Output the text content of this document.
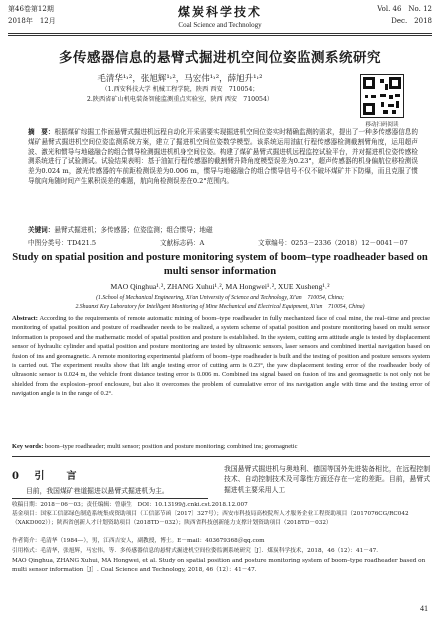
第46卷第12期
2018年　12月
煤炭科学技术
Coal Science and Technology
Vol. 46　No. 12
Dec.　2018
多传感器信息的悬臂式掘进机空间位姿监测系统研究
毛清华¹˒²，张旭辉¹˒²，马宏伟¹˒²，薛旭升¹˒²
（1.西安科技大学 机械工程学院，陕西 西安　710054；
2.陕西省矿山机电装备智能监测重点实验室，陕西 西安　710054）
移动扫码阅读
摘　要：根据煤矿综掘工作面悬臂式掘进机远程自动化开采需要实现掘进机空间位姿实时精确监测的需求，提出了一种多传感器信息的煤矿悬臂式掘进机空间位姿监测系统方案，建立了掘进机空间位姿数学模型。该系统运用油缸行程传感器检测截割臂角度，运用超声波、激光和惯导与地磁融合的组合惯导检测掘进机机身空间位姿。构建了煤矿悬臂式掘进机远程监控试验平台，并对掘进机位姿传感检测系统进行了试验测试。试验结果表明：基于油缸行程传感器的截割臂升降角度模型误差为0.23°，超声传感器的机身偏航位移检测误差为0.024 m，激光传感器的车前距检测误差为0.006 m，惯导与地磁融合的组合惯导信号不仅不破坏煤矿井下防爆，而且克服了惯导航向角随时间产生累积误差的难题，航向角检测误差在0.2°范围内。
关键词：悬臂式掘进机；多传感器；位姿监测；组合惯导；地磁
中图分类号：TD421.5	文献标志码：A	文章编号：0253－2336（2018）12－0041－07
Study on spatial position and posture monitoring system of boom–type roadheader based on multi sensor information
MAO Qinghua¹˒², ZHANG Xuhui¹˒², MA Hongwei¹˒², XUE Xusheng¹˒²
(1.School of Mechanical Engineering, Xi'an University of Science and Technology, Xi'an　710054, China;
2.Shaanxi Key Laboratory for Intelligent Monitoring of Mine Mechanical and Electrical Equipment, Xi'an　710054, China)
Abstract: According to the requirements of remote automatic mining of boom–type roadheader in fully mechanized face of coal mine, the real–time and precise monitoring of spatial position and posture of roadheader needs to be realized, a system scheme of spatial position and posture monitoring based on multi sensor information is proposed and the mathematic model of spatial position and posture is established. In the system, cutting arm attitude angle is tested by displacement sensor of hydraulic cylinder and spatial position and posture monitoring are tested by ultrasonic sensors, laser sensors and combined inertial navigation based on fusion of ins and geomagnetic. A remote monitoring experimental platform of boom–type roadheader is built and the testing of position and posture sensors system is carried out. The experiment results show that lift angle testing error of cutting arm is 0.23°, the yaw displacement testing error of the roadheader body of ultrasonic sensor is 0.024 m, the vehicle front distance testing error is 0.006 m. Combined ins signal based on fusion of ins and geomagnetic is not only not be shielded from the explosion–proof enclosure, but also it overcomes the problem of cumulative error of ins navigation angle with time and the testing error of navigation angle is in the range of 0.2°.
Key words: boom–type roadheader; multi sensor; position and posture monitoring; combined ins; geomagnetic
0 引　言
目前，我国煤矿巷道掘进以悬臂式掘进机为主。
我国悬臂式掘进机与奥地利、德国等国外先进装备相比，在远程控制技术、自动控制技术及可靠性方面还存在一定的差距。目前，悬臂式掘进机主要采用人工
收稿日期：2018－06－03；责任编辑：曾康生　DOI：10.13199/j.cnki.cst.2018.12.007
基金项目：国家工信部绿色制造系统集成资助项目（工信部节函〔2017〕327号）；西安市科技局高校院所人才服务企业工程资助项目（2017076CG/RC042（XAKD002））；陕西省创新人才计划资助项目（2018TD－032）；陕西省科技创新能力支撑计划资助项目（2018TD－032）
作者简介：毛清华（1984—），男，江西吉安人，副教授，博士。E－mail：403679368＠qq.com
引用格式：毛清华，张旭辉，马宏伟，等．多传感器信息的悬臂式掘进机空间位姿监测系统研究［J］．煤炭科学技术，2018，46（12）：41－47．
MAO Qinghua, ZHANG Xuhui, MA Hongwei, et al. Study on spatial position and posture monitoring system of boom–type roadheader based on multi sensor information［J］. Coal Science and Technology, 2018, 46（12）：41－47.
41
